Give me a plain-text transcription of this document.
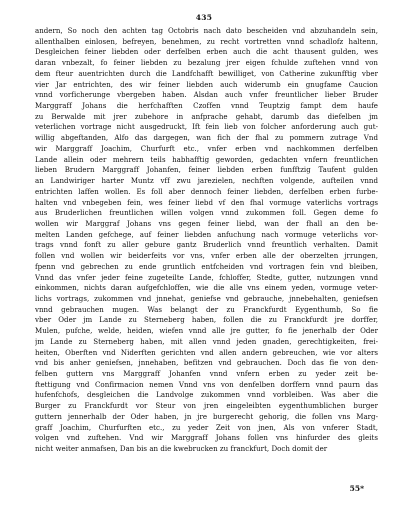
435
andern, So noch den achten tag Octobris nach dato bescheiden vnd abzuhandeln sein,
allenthalben einlosen, befreyen, benehmen, zu recht vortretten vnnd schadlofz haltenn,
Desgleichen feiner liebden oder derfelben erben auch die acht thausent gulden, wes
daran vnbezalt, fo feiner liebden zu bezalung jrer eigen fchulde zuftehen vnnd von
dem fteur auentrichten durch die Landfchafft bewilliget, von Catherine zukunfftig vber
vier Jar entrichten, des wir feiner liebden auch widerumb ein gnugfame Caucion
vnnd vorficherunge vbergeben haben. Alsdan auch vnfer freuntlicher lieber Bruder
Marggraff Johans die herfchafften Czoffen vnnd Teuptzig fampt dem haufe
zu Berwalde mit jrer zubehore in anfprache gehabt, darumb das diefelben jm
veterlichen vortrage nicht ausgedruckt, Ift fein lieb von folcher anforderung auch gut-
willig abgeftanden, Alfo das dargegen, wan fich der fhal zu pommern zutrage Vnd
wir Marggraff Joachim, Churfurft etc., vnfer erben vnd nachkommen derfelben
Lande allein oder mehrern teils habhafftig geworden, gedachten vnfern freuntlichen
lieben Brudern Marggraff Johanfen, feiner liebden erben funfftzig Taufent gulden
an Landwiriger harter Muntz vff zwu jarezielen, nechften volgende, aufteilen vnnd
entrichten laffen wollen. Es foll aber dennoch feiner liebden, derfelben erben furbe-
halten vnd vnbegeben fein, wes feiner liebd vf den fhal vormuge vaterlichs vortrags
aus Bruderlichen freuntlichen willen volgen vnnd zukommen foll. Gegen deme fo
wollen wir Marggraf Johans vns gegen feiner liebd, wan der fhall an den be-
melten Landen gefchege, auf feiner liebden anfuchung nach vormuge veterlichs vor-
trags vnnd fonft zu aller gebure gantz Bruderlich vnnd freuntlich verhalten. Damit
follen vnd wollen wir beiderfeits vor vns, vnfer erben alle der oberzelten jrrungen,
fpenn vnd gebrechen zu ende gruntlich entfcheiden vnd vortragen fein vnd bleiben,
Vnnd das vnfer jeder feine zugeteilte Lande, fchloffer, Stedte, gutter, nutzungen vnnd
einkommen, nichts daran aufgefchloffen, wie die alle vns einem yeden, vormuge veter-
lichs vortrags, zukommen vnd jnnehat, geniefse vnd gebrauche, jnnebehalten, geniefsen
vnnd gebrauchen mugen. Was belangt der zu Franckfurdt Eygenthumb, So fie
vber Oder jm Lande zu Sterneberg haben, follen die zu Franckfurdt jre dorffer,
Mulen, pufche, welde, heiden, wiefen vnnd alle jre gutter, fo fie jenerhalb der Oder
jm Lande zu Sterneberg haben, mit allen vnnd jeden gnaden, gerechtigkeiten, frei-
heiten, Oberften vnd Niderften gerichten vnd allen andern gebreuchen, wie vor alters
vnd bis anher geniefsen, jnnehaben, befitzen vnd gebrauchen. Doch das fie von den-
felben guttern vns Marggraff Johanfen vnnd vnfern erben zu yeder zeit be-
ftettigung vnd Confirmacion nemen Vnnd vns von denfelben dorffern vnnd paurn das
hufenfchofs, desgleichen die Landvolge zukommen vnnd vorbleiben. Was aber die
Burger zu Franckfurdt vor Steur von jren eingeleibten eygenthumblichen burger
guttern jennerhalb der Oder haben, jn jre burgerecht gehorig, die follen vns Marg-
graff Joachim, Churfurften etc., zu yeder Zeit von jnen, Als von vnferer Stadt,
volgen vnd zuftehen. Vnd wir Marggraff Johans follen vns hinfurder des gleits
nicht weiter anmafsen, Dan bis an die kwebrucken zu franckfurt, Doch domit der
55*
